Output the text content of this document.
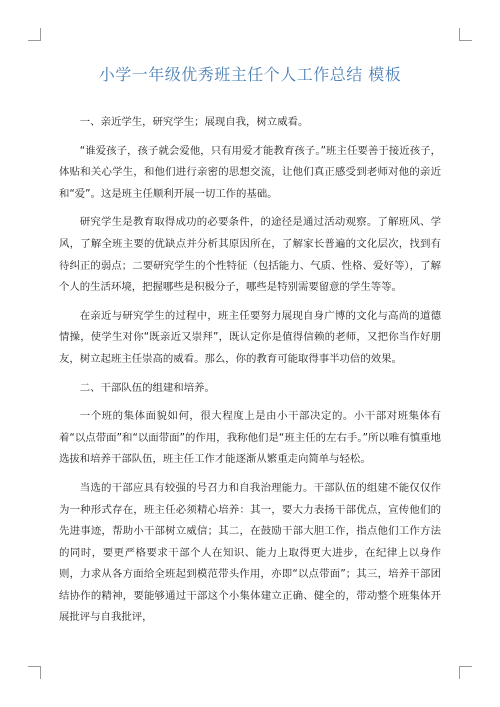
小学一年级优秀班主任个人工作总结 模板

一、亲近学生，研究学生；展现自我，树立威看。

“谁爱孩子，孩子就会爱他，只有用爱才能教育孩子。”班主任要善于接近孩子，体贴和关心学生，和他们进行亲密的思想交流，让他们真正感受到老师对他的亲近和“爱”。这是班主任顺利开展一切工作的基础。

研究学生是教育取得成功的必要条件，的途径是通过活动观察。了解班风、学风，了解全班主要的优缺点并分析其原因所在，了解家长普遍的文化层次，找到有待纠正的弱点；二要研究学生的个性特征（包括能力、气质、性格、爱好等），了解个人的生活环境，把握哪些是积极分子，哪些是特别需要留意的学生等等。

在亲近与研究学生的过程中，班主任要努力展现自身广博的文化与高尚的道德情操，使学生对你“既亲近又崇拜”，既认定你是值得信赖的老师，又把你当作好朋友，树立起班主任崇高的威看。那么，你的教育可能取得事半功倍的效果。

二、干部队伍的组建和培养。

一个班的集体面貌如何，很大程度上是由小干部决定的。小干部对班集体有着“以点带面”和“以面带面”的作用，我称他们是“班主任的左右手。”所以唯有慎重地选拔和培养干部队伍，班主任工作才能逐渐从繁重走向简单与轻松。

当选的干部应具有较强的号召力和自我治理能力。干部队伍的组建不能仅仅作为一种形式存在，班主任必须精心培养：其一，要大力表扬干部优点，宣传他们的先进事迹，帮助小干部树立威信；其二，在鼓励干部大胆工作，指点他们工作方法的同时，要更严格要求干部个人在知识、能力上取得更大进步，在纪律上以身作则，力求从各方面给全班起到模范带头作用，亦即“以点带面”；其三，培养干部团结协作的精神，要能够通过干部这个小集体建立正确、健全的，带动整个班集体开展批评与自我批评，
